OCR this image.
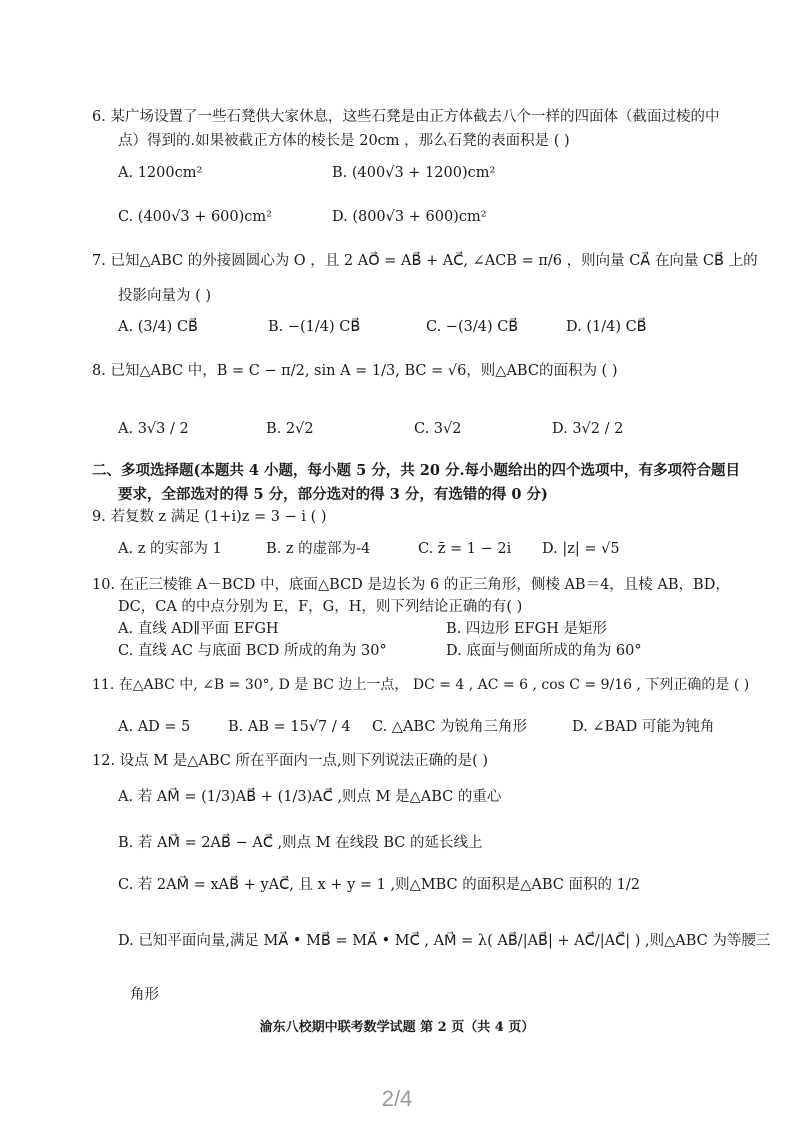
6. 某广场设置了一些石凳供大家休息，这些石凳是由正方体截去八个一样的四面体（截面过棱的中
点）得到的.如果被截正方体的棱长是 20cm ，那么石凳的表面积是 ( )
A. 1200cm²	B. (400√3 + 1200)cm²
C. (400√3 + 600)cm²	D. (800√3 + 600)cm²
7. 已知△ABC 的外接圆圆心为 O ，且 2 AO⃗ = AB⃗ + AC⃗, ∠ACB = π/6 ，则向量 CA⃗ 在向量 CB⃗ 上的
投影向量为 ( )
A. (3/4) CB⃗	B. −(1/4) CB⃗	C. −(3/4) CB⃗	D. (1/4) CB⃗
8. 已知△ABC 中，B = C − π/2, sin A = 1/3, BC = √6，则△ABC的面积为 ( )
A. 3√3 / 2	B. 2√2	C. 3√2	D. 3√2 / 2
二、多项选择题(本题共 4 小题，每小题 5 分，共 20 分.每小题给出的四个选项中，有多项符合题目
要求，全部选对的得 5 分，部分选对的得 3 分，有选错的得 0 分)
9. 若复数 z 满足 (1+i)z = 3 − i ( )
A. z 的实部为 1	B. z 的虚部为-4	C. z̄ = 1 − 2i D. |z| = √5
10. 在正三棱锥 A－BCD 中，底面△BCD 是边长为 6 的正三角形，侧棱 AB＝4，且棱 AB，BD，
DC，CA 的中点分别为 E，F，G，H，则下列结论正确的有( )
A. 直线 AD∥平面 EFGH	B. 四边形 EFGH 是矩形
C. 直线 AC 与底面 BCD 所成的角为 30°	D. 底面与侧面所成的角为 60°
11. 在△ABC 中, ∠B = 30°, D 是 BC 边上一点， DC = 4 , AC = 6 , cos C = 9/16 , 下列正确的是 ( )
A. AD = 5	B. AB = 15√7 / 4 C. △ABC 为锐角三角形	D. ∠BAD 可能为钝角
12. 设点 M 是△ABC 所在平面内一点,则下列说法正确的是( )
A. 若 AM⃗ = (1/3)AB⃗ + (1/3)AC⃗ ,则点 M 是△ABC 的重心
B. 若 AM⃗ = 2AB⃗ − AC⃗ ,则点 M 在线段 BC 的延长线上
C. 若 2AM⃗ = xAB⃗ + yAC⃗, 且 x + y = 1 ,则△MBC 的面积是△ABC 面积的 1/2
D. 已知平面向量,满足 MA⃗ • MB⃗ = MA⃗ • MC⃗ , AM⃗ = λ( AB⃗/|AB⃗| + AC⃗/|AC⃗| ) ,则△ABC 为等腰三
角形
渝东八校期中联考数学试题 第 2 页（共 4 页）
2/4
